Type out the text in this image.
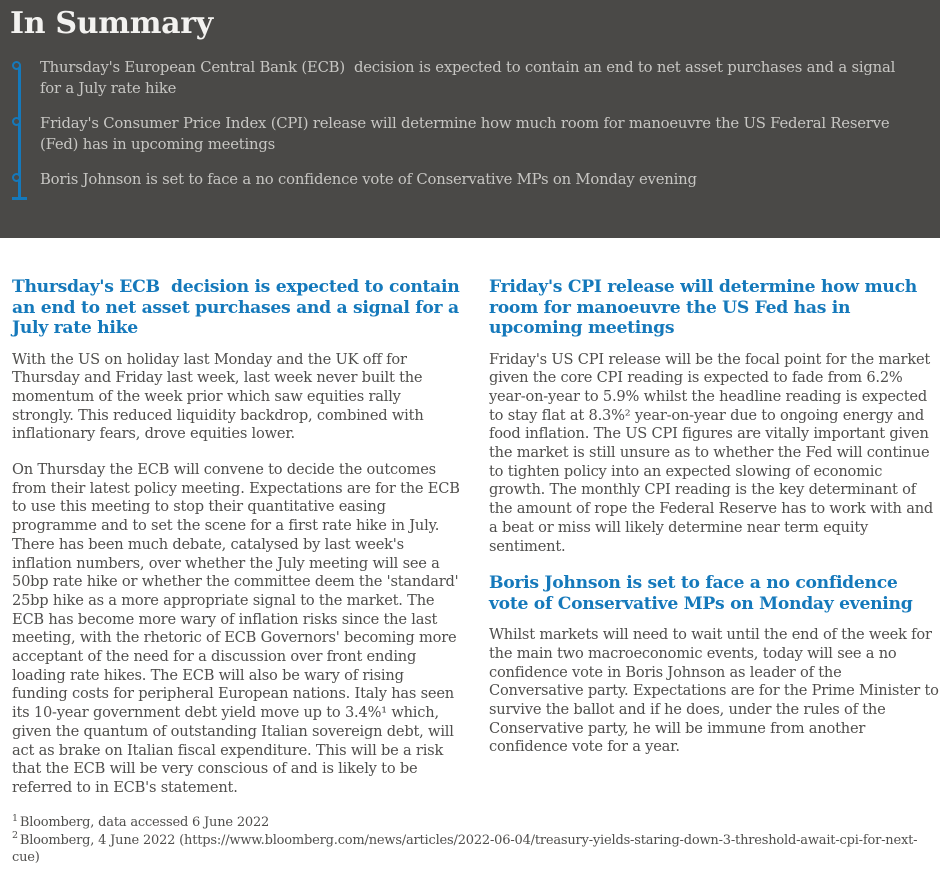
In Summary
Thursday's European Central Bank (ECB)  decision is expected to contain an end to net asset purchases and a signal for a July rate hike
Friday's Consumer Price Index (CPI) release will determine how much room for manoeuvre the US Federal Reserve (Fed) has in upcoming meetings
Boris Johnson is set to face a no confidence vote of Conservative MPs on Monday evening
Thursday's ECB  decision is expected to contain an end to net asset purchases and a signal for a July rate hike

With the US on holiday last Monday and the UK off for Thursday and Friday last week, last week never built the momentum of the week prior which saw equities rally strongly. This reduced liquidity backdrop, combined with inflationary fears, drove equities lower.

On Thursday the ECB will convene to decide the outcomes from their latest policy meeting. Expectations are for the ECB to use this meeting to stop their quantitative easing programme and to set the scene for a first rate hike in July. There has been much debate, catalysed by last week's inflation numbers, over whether the July meeting will see a 50bp rate hike or whether the committee deem the 'standard' 25bp hike as a more appropriate signal to the market. The ECB has become more wary of inflation risks since the last meeting, with the rhetoric of ECB Governors' becoming more acceptant of the need for a discussion over front ending loading rate hikes. The ECB will also be wary of rising funding costs for peripheral European nations. Italy has seen its 10-year government debt yield move up to 3.4%¹ which, given the quantum of outstanding Italian sovereign debt, will act as brake on Italian fiscal expenditure. This will be a risk that the ECB will be very conscious of and is likely to be referred to in ECB's statement.

Friday's CPI release will determine how much room for manoeuvre the US Fed has in upcoming meetings

Friday's US CPI release will be the focal point for the market given the core CPI reading is expected to fade from 6.2% year-on-year to 5.9% whilst the headline reading is expected to stay flat at 8.3%² year-on-year due to ongoing energy and food inflation. The US CPI figures are vitally important given the market is still unsure as to whether the Fed will continue to tighten policy into an expected slowing of economic growth. The monthly CPI reading is the key determinant of the amount of rope the Federal Reserve has to work with and a beat or miss will likely determine near term equity sentiment.

Boris Johnson is set to face a no confidence vote of Conservative MPs on Monday evening

Whilst markets will need to wait until the end of the week for the main two macroeconomic events, today will see a no confidence vote in Boris Johnson as leader of the Conversative party. Expectations are for the Prime Minister to survive the ballot and if he does, under the rules of the Conservative party, he will be immune from another confidence vote for a year.

$^1$ Bloomberg, data accessed 6 June 2022
$^2$ Bloomberg, 4 June 2022 (https://www.bloomberg.com/news/articles/2022-06-04/treasury-yields-staring-down-3-threshold-await-cpi-for-next-cue)
